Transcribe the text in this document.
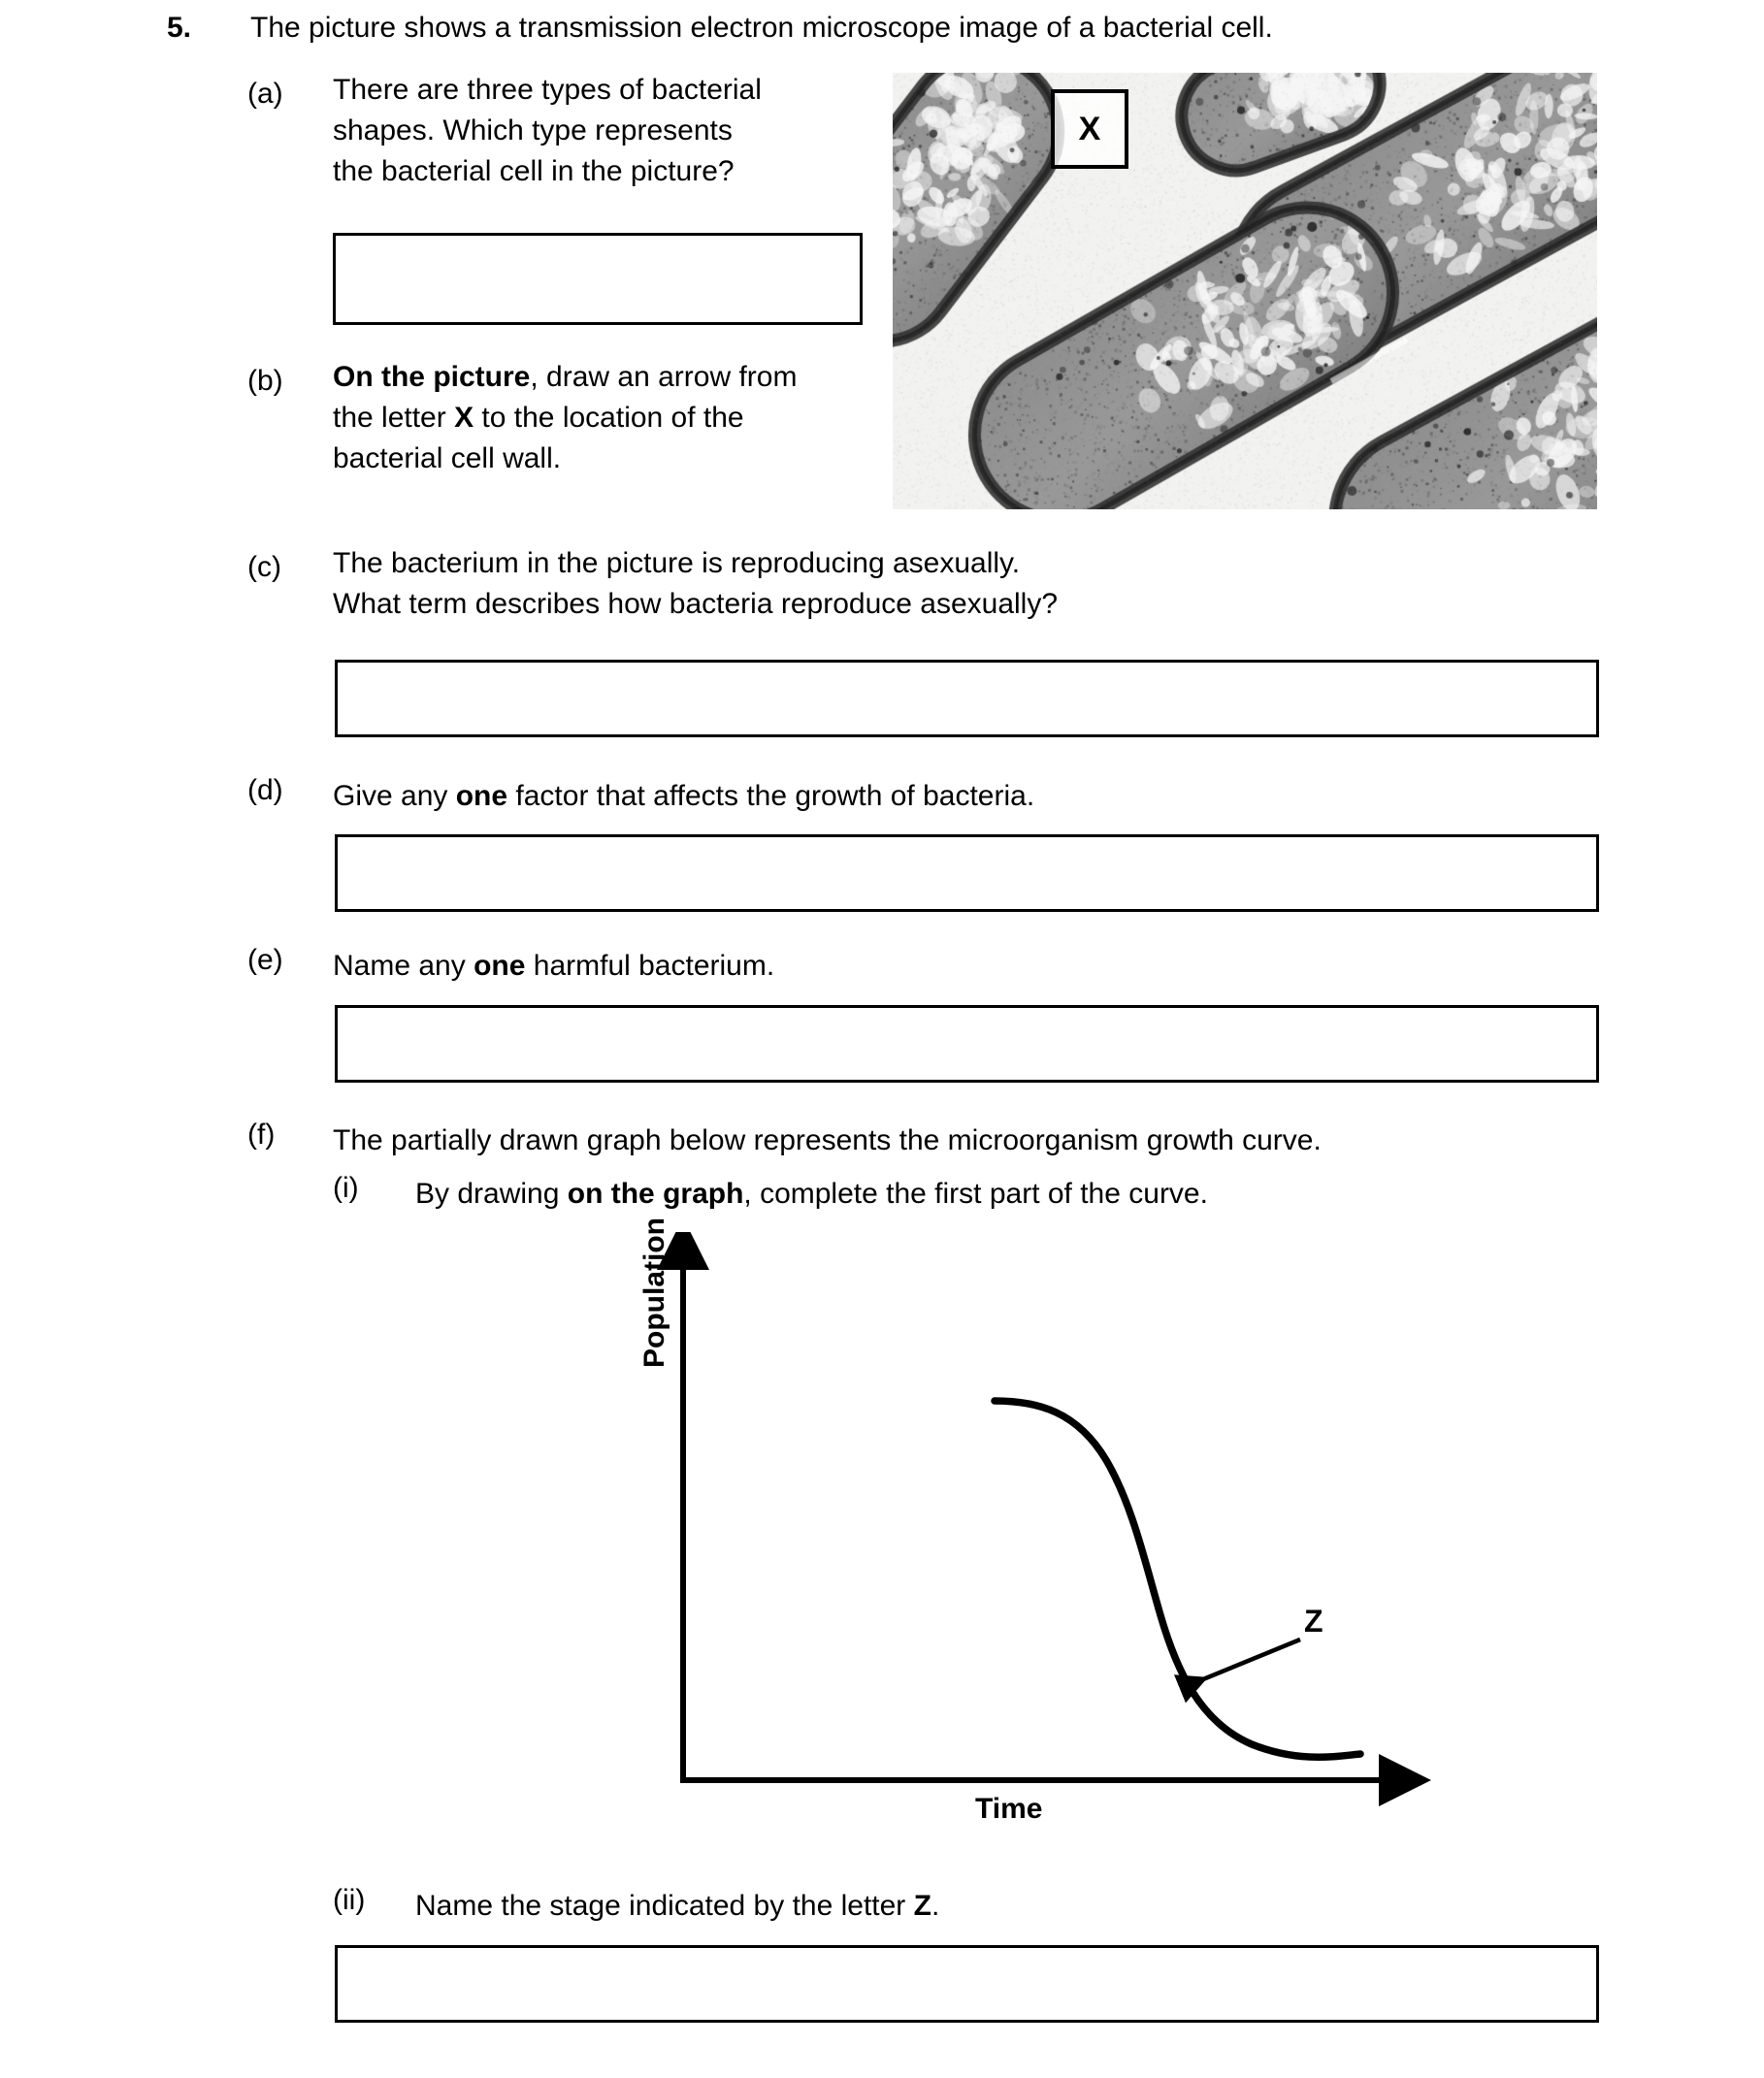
5. The picture shows a transmission electron microscope image of a bacterial cell.
(a) There are three types of bacterial
shapes. Which type represents
the bacterial cell in the picture?
(b) On the picture, draw an arrow from
the letter X to the location of the
bacterial cell wall.
X
(c) The bacterium in the picture is reproducing asexually.
What term describes how bacteria reproduce asexually?
(d) Give any one factor that affects the growth of bacteria.
(e) Name any one harmful bacterium.
(f) The partially drawn graph below represents the microorganism growth curve.
(i) By drawing on the graph, complete the first part of the curve.
Population
Time
Z
(ii) Name the stage indicated by the letter Z.
